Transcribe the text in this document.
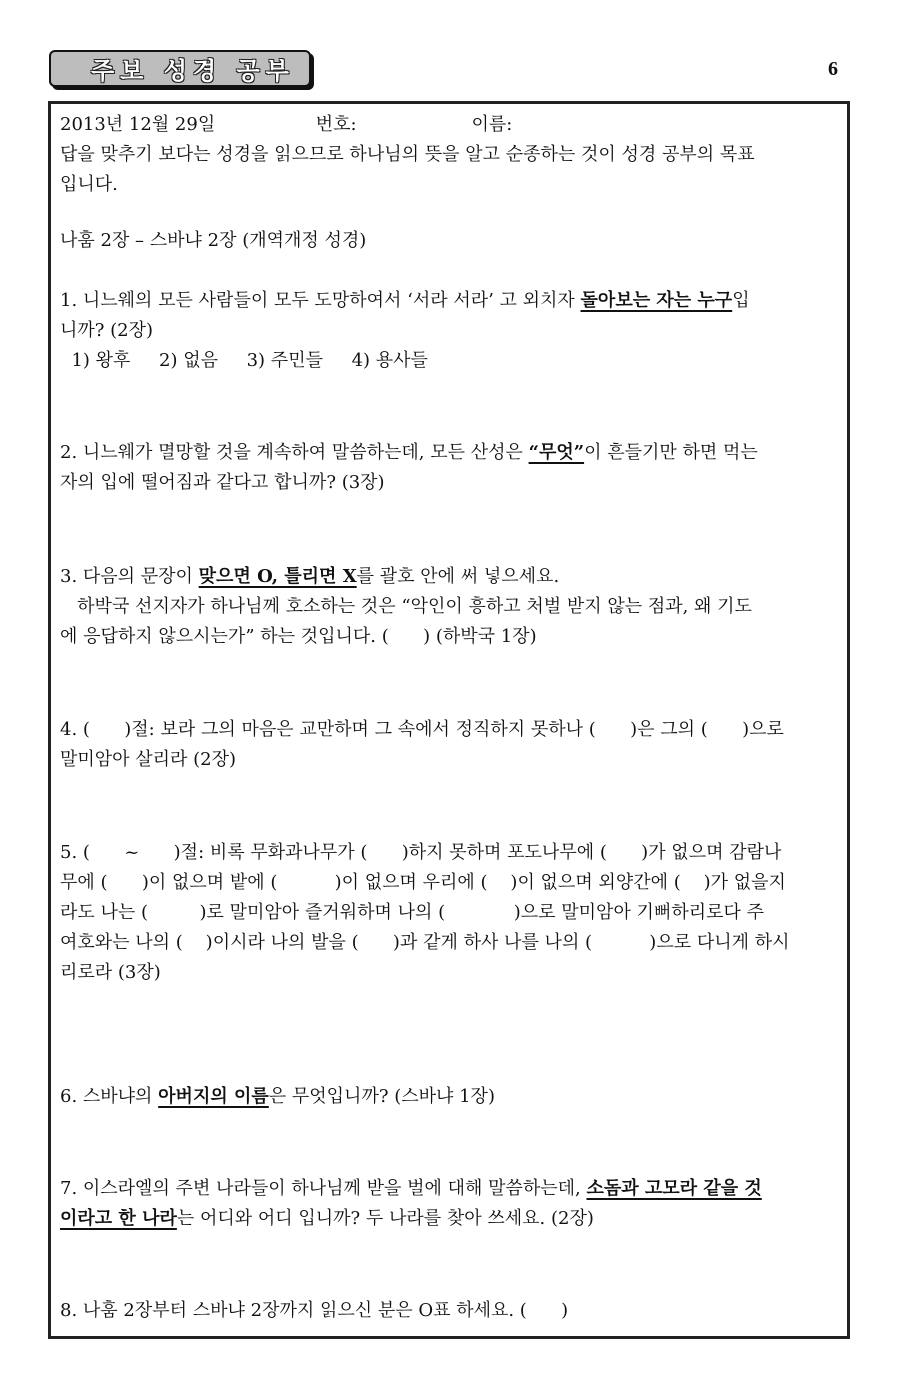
주보 성경 공부	6
2013년 12월 29일	번호:	이름:
답을 맞추기 보다는 성경을 읽으므로 하나님의 뜻을 알고 순종하는 것이 성경 공부의 목표
입니다.
나훔 2장 – 스바냐 2장 (개역개정 성경)
1. 니느웨의 모든 사람들이 모두 도망하여서 ‘서라 서라’ 고 외치자 돌아보는 자는 누구입
니까? (2장)
1) 왕후     2) 없음     3) 주민들     4) 용사들
2. 니느웨가 멸망할 것을 계속하여 말씀하는데, 모든 산성은 “무엇”이 흔들기만 하면 먹는
자의 입에 떨어짐과 같다고 합니까? (3장)
3. 다음의 문장이 맞으면 O, 틀리면 X를 괄호 안에 써 넣으세요.
하박국 선지자가 하나님께 호소하는 것은 “악인이 흥하고 처벌 받지 않는 점과, 왜 기도
에 응답하지 않으시는가” 하는 것입니다. (      ) (하박국 1장)
4. (      )절: 보라 그의 마음은 교만하며 그 속에서 정직하지 못하나 (      )은 그의 (      )으로
말미암아 살리라 (2장)
5. (      ~      )절: 비록 무화과나무가 (      )하지 못하며 포도나무에 (      )가 없으며 감람나
무에 (      )이 없으며 밭에 (          )이 없으며 우리에 (    )이 없으며 외양간에 (    )가 없을지
라도 나는 (         )로 말미암아 즐거워하며 나의 (            )으로 말미암아 기뻐하리로다 주
여호와는 나의 (    )이시라 나의 발을 (      )과 같게 하사 나를 나의 (          )으로 다니게 하시
리로라 (3장)
6. 스바냐의 아버지의 이름은 무엇입니까? (스바냐 1장)
7. 이스라엘의 주변 나라들이 하나님께 받을 벌에 대해 말씀하는데, 소돔과 고모라 같을 것
이라고 한 나라는 어디와 어디 입니까? 두 나라를 찾아 쓰세요. (2장)
8. 나훔 2장부터 스바냐 2장까지 읽으신 분은 O표 하세요. (      )
